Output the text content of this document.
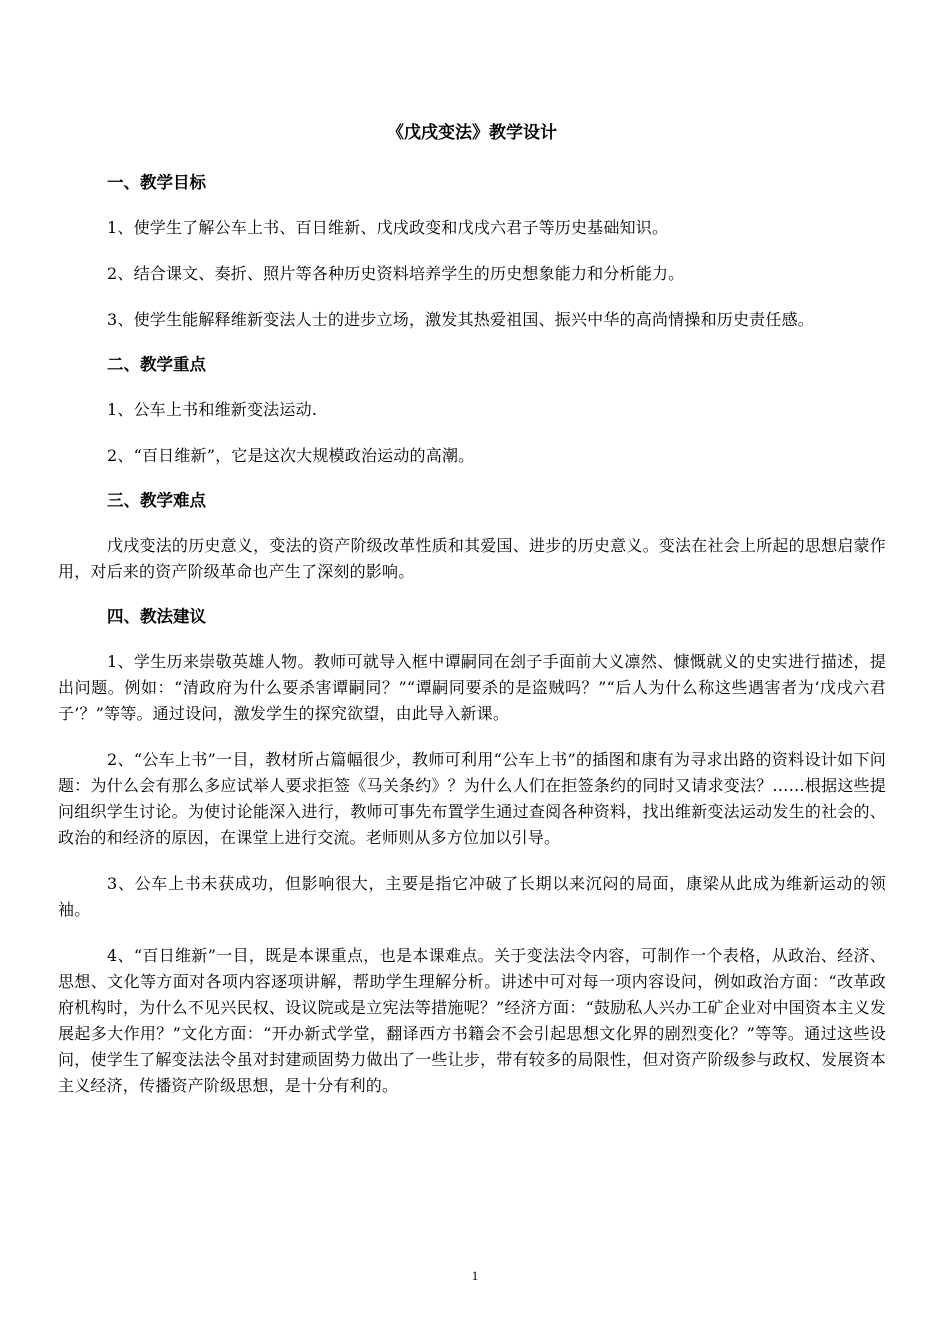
《戊戌变法》教学设计
一、教学目标

1、使学生了解公车上书、百日维新、戊戌政变和戊戌六君子等历史基础知识。

2、结合课文、奏折、照片等各种历史资料培养学生的历史想象能力和分析能力。

3、使学生能解释维新变法人士的进步立场，激发其热爱祖国、振兴中华的高尚情操和历史责任感。

二、教学重点

1、公车上书和维新变法运动.

2、“百日维新”，它是这次大规模政治运动的高潮。

三、教学难点

戊戌变法的历史意义，变法的资产阶级改革性质和其爱国、进步的历史意义。变法在社会上所起的思想启蒙作用，对后来的资产阶级革命也产生了深刻的影响。

四、教法建议

1、学生历来崇敬英雄人物。教师可就导入框中谭嗣同在刽子手面前大义凛然、慷慨就义的史实进行描述，提出问题。例如：“清政府为什么要杀害谭嗣同？”“谭嗣同要杀的是盗贼吗？”“后人为什么称这些遇害者为‘戊戌六君子’？”等等。通过设问，激发学生的探究欲望，由此导入新课。

2、“公车上书”一目，教材所占篇幅很少，教师可利用“公车上书”的插图和康有为寻求出路的资料设计如下问题：为什么会有那么多应试举人要求拒签《马关条约》？为什么人们在拒签条约的同时又请求变法？……根据这些提问组织学生讨论。为使讨论能深入进行，教师可事先布置学生通过查阅各种资料，找出维新变法运动发生的社会的、政治的和经济的原因，在课堂上进行交流。老师则从多方位加以引导。

3、公车上书未获成功，但影响很大，主要是指它冲破了长期以来沉闷的局面，康梁从此成为维新运动的领袖。

4、“百日维新”一目，既是本课重点，也是本课难点。关于变法法令内容，可制作一个表格，从政治、经济、思想、文化等方面对各项内容逐项讲解，帮助学生理解分析。讲述中可对每一项内容设问，例如政治方面：“改革政府机构时，为什么不见兴民权、设议院或是立宪法等措施呢？”经济方面：“鼓励私人兴办工矿企业对中国资本主义发展起多大作用？”文化方面：“开办新式学堂，翻译西方书籍会不会引起思想文化界的剧烈变化？”等等。通过这些设问，使学生了解变法法令虽对封建顽固势力做出了一些让步，带有较多的局限性，但对资产阶级参与政权、发展资本主义经济，传播资产阶级思想，是十分有利的。

1
